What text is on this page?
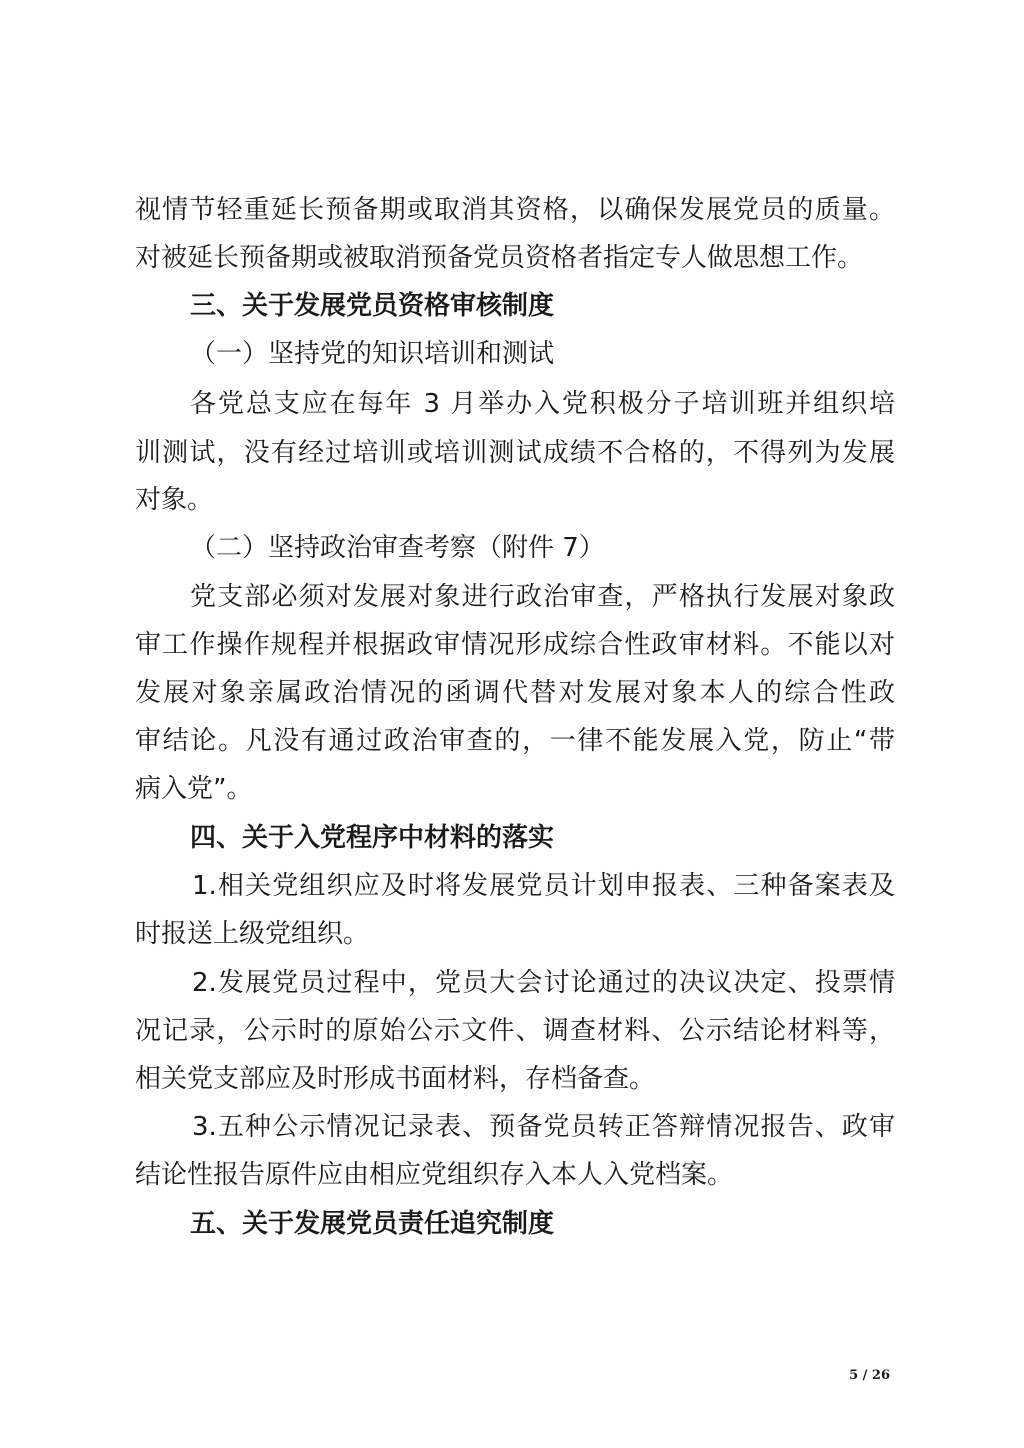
视情节轻重延长预备期或取消其资格，以确保发展党员的质量。
对被延长预备期或被取消预备党员资格者指定专人做思想工作。
三、关于发展党员资格审核制度
（一）坚持党的知识培训和测试
各党总支应在每年 3 月举办入党积极分子培训班并组织培
训测试，没有经过培训或培训测试成绩不合格的，不得列为发展
对象。
（二）坚持政治审查考察（附件 7）
党支部必须对发展对象进行政治审查，严格执行发展对象政
审工作操作规程并根据政审情况形成综合性政审材料。不能以对
发展对象亲属政治情况的函调代替对发展对象本人的综合性政
审结论。凡没有通过政治审查的，一律不能发展入党，防止“带
病入党”。
四、关于入党程序中材料的落实
1.相关党组织应及时将发展党员计划申报表、三种备案表及
时报送上级党组织。
2.发展党员过程中，党员大会讨论通过的决议决定、投票情
况记录，公示时的原始公示文件、调查材料、公示结论材料等，
相关党支部应及时形成书面材料，存档备查。
3.五种公示情况记录表、预备党员转正答辩情况报告、政审
结论性报告原件应由相应党组织存入本人入党档案。
五、关于发展党员责任追究制度
5 / 26
